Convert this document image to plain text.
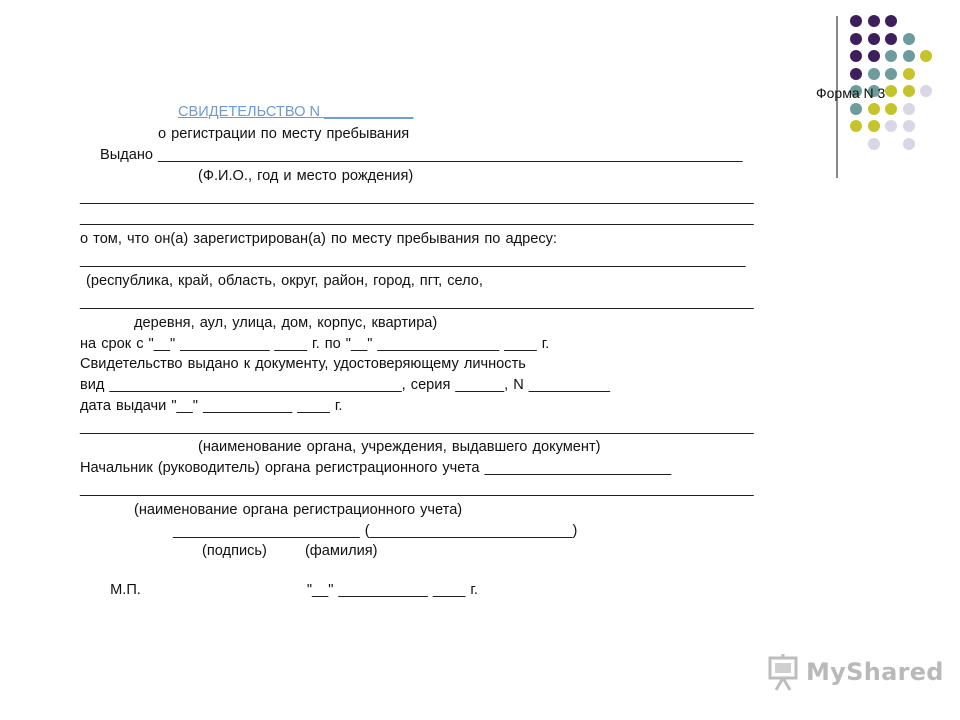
Форма N 3
СВИДЕТЕЛЬСТВО N ___________
о регистрации по месту пребывания
Выдано ________________________________________________________________________
(Ф.И.О., год и место рождения)
___________________________________________________________________________________
___________________________________________________________________________________
о том, что он(а) зарегистрирован(а) по месту пребывания по адресу:
__________________________________________________________________________________
(республика, край, область, округ, район, город, пгт, село,
___________________________________________________________________________________
деревня, аул, улица, дом, корпус, квартира)
на срок с "__" ___________ ____ г. по "__" _______________ ____ г.
Свидетельство выдано к документу, удостоверяющему личность
вид ____________________________________, серия ______, N __________
дата выдачи "__" ___________ ____ г.
___________________________________________________________________________________
(наименование органа, учреждения, выдавшего документ)
Начальник (руководитель) органа регистрационного учета _______________________
___________________________________________________________________________________
(наименование органа регистрационного учета)
_______________________ (_________________________)
(подпись) (фамилия)

М.П.	"__" ___________ ____ г.

MyShared
